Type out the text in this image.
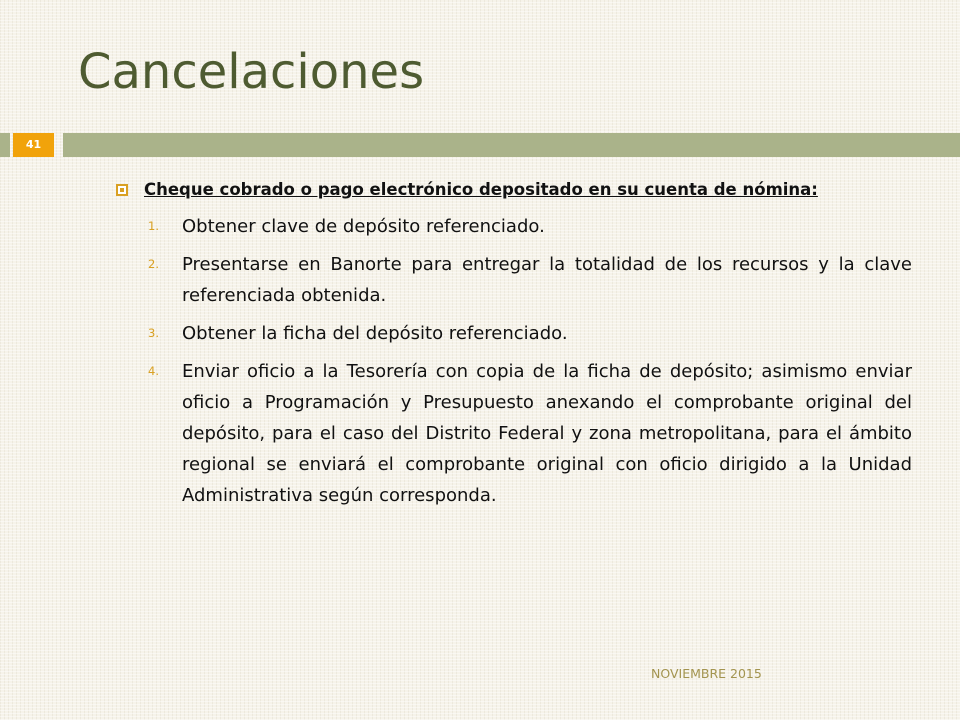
Cancelaciones
41

Cheque cobrado o pago electrónico depositado en su cuenta de nómina:

1. Obtener clave de depósito referenciado.
2. Presentarse en Banorte para entregar la totalidad de los recursos y la clave referenciada obtenida.
3. Obtener la ficha del depósito referenciado.
4. Enviar oficio a la Tesorería con copia de la ficha de depósito; asimismo enviar oficio a Programación y Presupuesto anexando el comprobante original del depósito, para el caso del Distrito Federal y zona metropolitana, para el ámbito regional se enviará el comprobante original con oficio dirigido a la Unidad Administrativa según corresponda.
NOVIEMBRE 2015
